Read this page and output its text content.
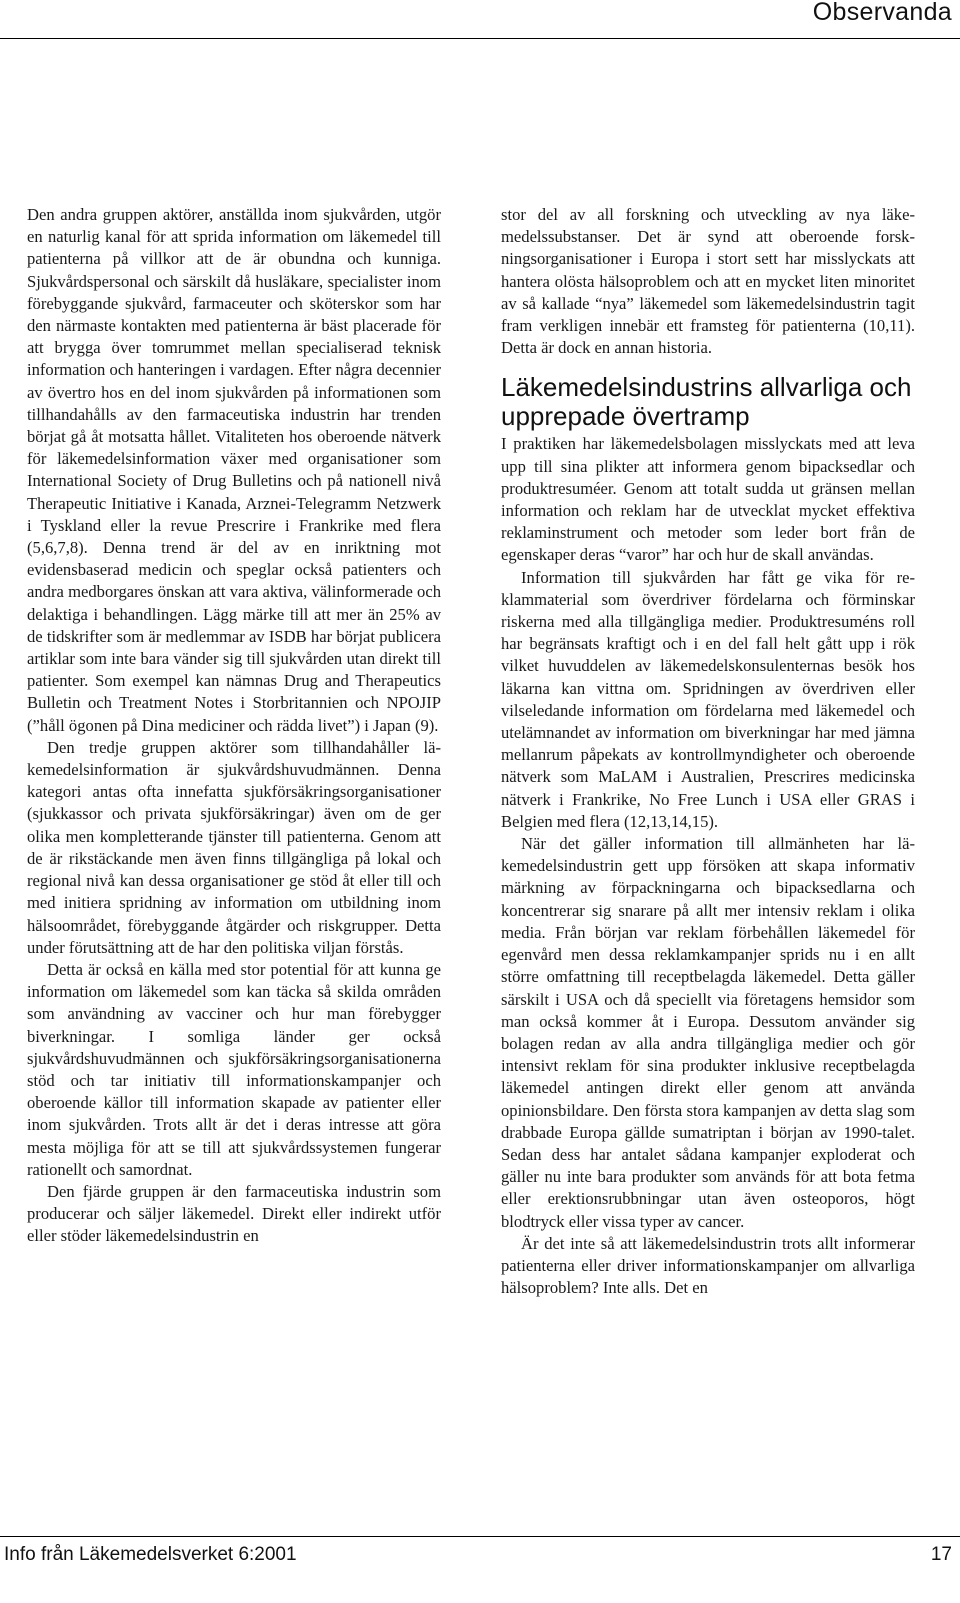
Observanda

Den andra gruppen aktörer, anställda inom sjukvården, utgör en naturlig kanal för att sprida information om läkemedel till patienterna på villkor att de är obundna och kunniga. Sjukvårdspersonal och särskilt då husläkare, specialister inom förebyggande sjukvård, farmaceuter och sköterskor som har den närmaste kontakten med patienterna är bäst placerade för att brygga över tomrummet mellan specialiserad teknisk information och hanteringen i vardagen. Efter några decennier av övertro hos en del inom sjukvården på informationen som tillhandahålls av den farmaceutiska industrin har trenden börjat gå åt motsatta hållet. Vitaliteten hos oberoende nätverk för läkemedelsinformation växer med organisationer som International Society of Drug Bulletins och på nationell nivå Therapeutic Initiative i Kanada, Arznei-Telegramm Netzwerk i Tyskland eller la revue Prescrire i Frankrike med flera (5,6,7,8). Denna trend är del av en inriktning mot evidensbaserad medicin och speglar också patienters och andra medborgares önskan att vara aktiva, välinformerade och delaktiga i behandlingen. Lägg märke till att mer än 25% av de tidskrifter som är medlemmar av ISDB har börjat publicera artiklar som inte bara vänder sig till sjukvården utan direkt till patienter. Som exempel kan nämnas Drug and Therapeutics Bulletin och Treatment Notes i Storbritannien och NPOJIP (”håll ögonen på Dina mediciner och rädda livet”) i Japan (9).

Den tredje gruppen aktörer som tillhandahåller läkemedelsinformation är sjukvårdshuvudmännen. Denna kategori antas ofta innefatta sjukförsäkringsorganisationer (sjukkassor och privata sjukförsäkringar) även om de ger olika men kompletterande tjänster till patienterna. Genom att de är rikstäckande men även finns tillgängliga på lokal och regional nivå kan dessa organisationer ge stöd åt eller till och med initiera spridning av information om utbildning inom hälsoområdet, förebyggande åtgärder och riskgrupper. Detta under förutsättning att de har den politiska viljan förstås.

Detta är också en källa med stor potential för att kunna ge information om läkemedel som kan täcka så skilda områden som användning av vacciner och hur man förebygger biverkningar. I somliga länder ger också sjukvårdshuvudmännen och sjukförsäkringsorganisationerna stöd och tar initiativ till informationskampanjer och oberoende källor till information skapade av patienter eller inom sjukvården. Trots allt är det i deras intresse att göra mesta möjliga för att se till att sjukvårdssystemen fungerar rationellt och samordnat.

Den fjärde gruppen är den farmaceutiska industrin som producerar och säljer läkemedel. Direkt eller indirekt utför eller stöder läkemedelsindustrin en

stor del av all forskning och utveckling av nya läkemedelssubstanser. Det är synd att oberoende forskningsorganisationer i Europa i stort sett har misslyckats att hantera olösta hälsoproblem och att en mycket liten minoritet av så kallade “nya” läkemedel som läkemedelsindustrin tagit fram verkligen innebär ett framsteg för patienterna (10,11). Detta är dock en annan historia.

Läkemedelsindustrins allvarliga och upprepade övertramp

I praktiken har läkemedelsbolagen misslyckats med att leva upp till sina plikter att informera genom bipacksedlar och produktresuméer. Genom att totalt sudda ut gränsen mellan information och reklam har de utvecklat mycket effektiva reklaminstrument och metoder som leder bort från de egenskaper deras “varor” har och hur de skall användas.

Information till sjukvården har fått ge vika för reklammaterial som överdriver fördelarna och förminskar riskerna med alla tillgängliga medier. Produktresuméns roll har begränsats kraftigt och i en del fall helt gått upp i rök vilket huvuddelen av läkemedelskonsulenternas besök hos läkarna kan vittna om. Spridningen av överdriven eller vilseledande information om fördelarna med läkemedel och utelämnandet av information om biverkningar har med jämna mellanrum påpekats av kontrollmyndigheter och oberoende nätverk som MaLAM i Australien, Prescrires medicinska nätverk i Frankrike, No Free Lunch i USA eller GRAS i Belgien med flera (12,13,14,15).

När det gäller information till allmänheten har läkemedelsindustrin gett upp försöken att skapa informativ märkning av förpackningarna och bipacksedlarna och koncentrerar sig snarare på allt mer intensiv reklam i olika media. Från början var reklam förbehållen läkemedel för egenvård men dessa reklamkampanjer sprids nu i en allt större omfattning till receptbelagda läkemedel. Detta gäller särskilt i USA och då speciellt via företagens hemsidor som man också kommer åt i Europa. Dessutom använder sig bolagen redan av alla andra tillgängliga medier och gör intensivt reklam för sina produkter inklusive receptbelagda läkemedel antingen direkt eller genom att använda opinionsbildare. Den första stora kampanjen av detta slag som drabbade Europa gällde sumatriptan i början av 1990-talet. Sedan dess har antalet sådana kampanjer exploderat och gäller nu inte bara produkter som används för att bota fetma eller erektionsrubbningar utan även osteoporos, högt blodtryck eller vissa typer av cancer.

Är det inte så att läkemedelsindustrin trots allt informerar patienterna eller driver informationskampanjer om allvarliga hälsoproblem? Inte alls. Det en

Info från Läkemedelsverket 6:2001	17
